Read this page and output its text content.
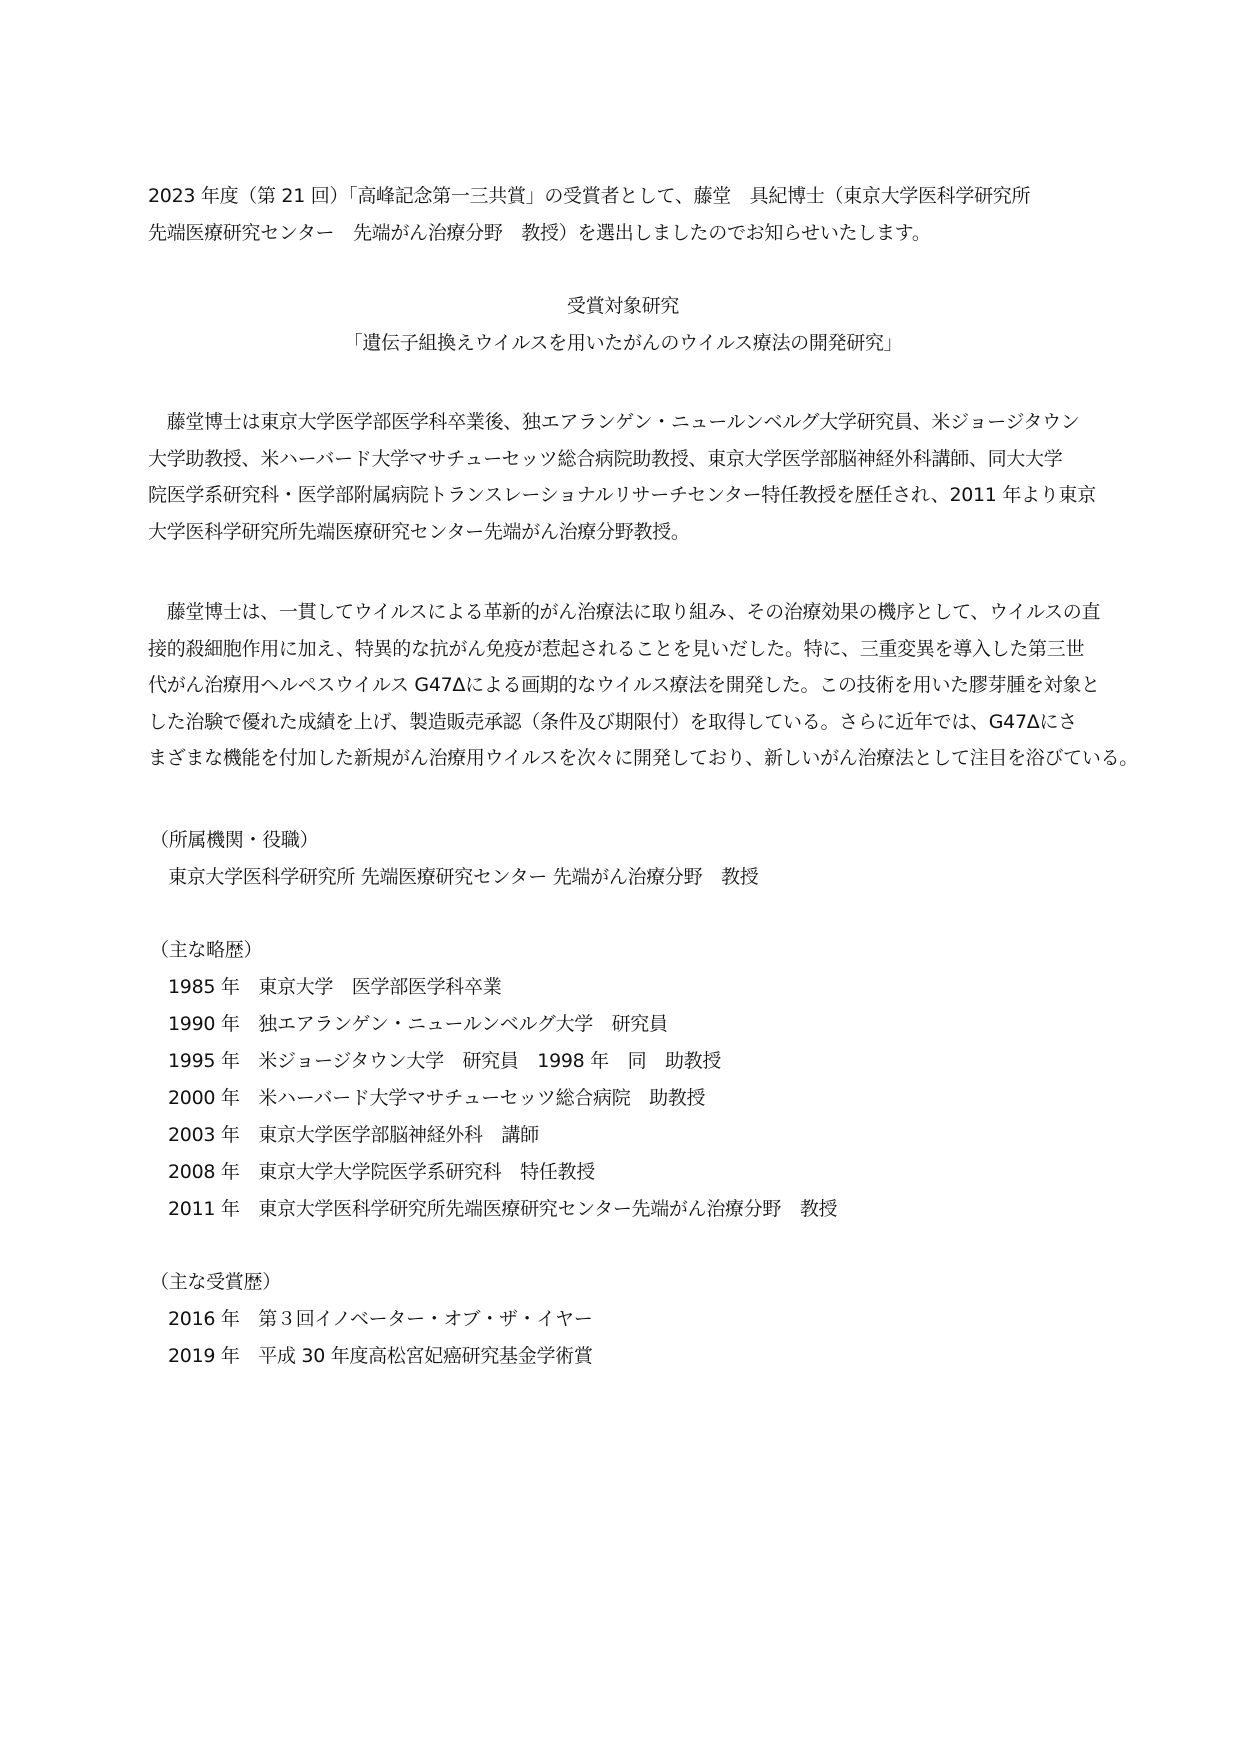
2023 年度（第 21 回）「高峰記念第一三共賞」の受賞者として、藤堂　具紀博士（東京大学医科学研究所
先端医療研究センター　先端がん治療分野　教授）を選出しましたのでお知らせいたします。
受賞対象研究
「遺伝子組換えウイルスを用いたがんのウイルス療法の開発研究」
　藤堂博士は東京大学医学部医学科卒業後、独エアランゲン・ニュールンベルグ大学研究員、米ジョージタウン
大学助教授、米ハーバード大学マサチューセッツ総合病院助教授、東京大学医学部脳神経外科講師、同大大学
院医学系研究科・医学部附属病院トランスレーショナルリサーチセンター特任教授を歴任され、2011 年より東京
大学医科学研究所先端医療研究センター先端がん治療分野教授。
　藤堂博士は、一貫してウイルスによる革新的がん治療法に取り組み、その治療効果の機序として、ウイルスの直
接的殺細胞作用に加え、特異的な抗がん免疫が惹起されることを見いだした。特に、三重変異を導入した第三世
代がん治療用ヘルペスウイルス G47Δによる画期的なウイルス療法を開発した。この技術を用いた膠芽腫を対象と
した治験で優れた成績を上げ、製造販売承認（条件及び期限付）を取得している。さらに近年では、G47Δにさ
まざまな機能を付加した新規がん治療用ウイルスを次々に開発しており、新しいがん治療法として注目を浴びている。
（所属機関・役職）
東京大学医科学研究所 先端医療研究センター 先端がん治療分野　教授
（主な略歴）
1985 年　東京大学　医学部医学科卒業
1990 年　独エアランゲン・ニュールンベルグ大学　研究員
1995 年　米ジョージタウン大学　研究員　1998 年　同　助教授
2000 年　米ハーバード大学マサチューセッツ総合病院　助教授
2003 年　東京大学医学部脳神経外科　講師
2008 年　東京大学大学院医学系研究科　特任教授
2011 年　東京大学医科学研究所先端医療研究センター先端がん治療分野　教授
（主な受賞歴）
2016 年　第３回イノベーター・オブ・ザ・イヤー
2019 年　平成 30 年度高松宮妃癌研究基金学術賞
